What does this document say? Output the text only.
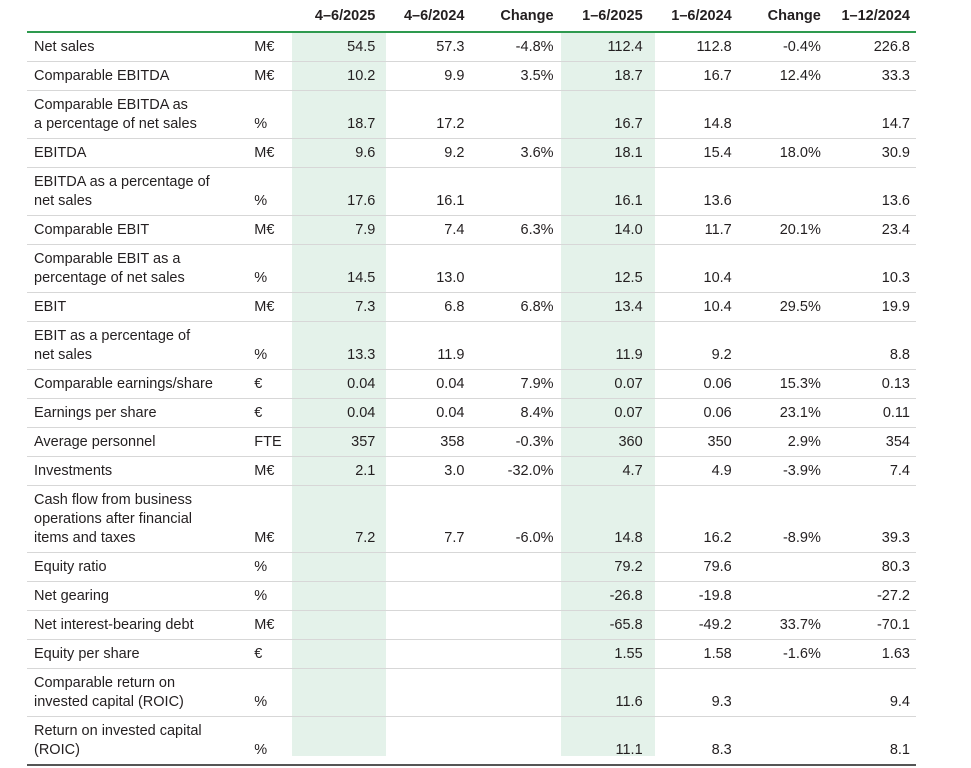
		4–6/2025	4–6/2024	Change	1–6/2025	1–6/2024	Change	1–12/2024
Net sales	M€	54.5	57.3	-4.8%	112.4	112.8	-0.4%	226.8
Comparable EBITDA	M€	10.2	9.9	3.5%	18.7	16.7	12.4%	33.3
Comparable EBITDA as
a percentage of net sales	%	18.7	17.2		16.7	14.8		14.7
EBITDA	M€	9.6	9.2	3.6%	18.1	15.4	18.0%	30.9
EBITDA as a percentage of
net sales	%	17.6	16.1		16.1	13.6		13.6
Comparable EBIT	M€	7.9	7.4	6.3%	14.0	11.7	20.1%	23.4
Comparable EBIT as a
percentage of net sales	%	14.5	13.0		12.5	10.4		10.3
EBIT	M€	7.3	6.8	6.8%	13.4	10.4	29.5%	19.9
EBIT as a percentage of
net sales	%	13.3	11.9		11.9	9.2		8.8
Comparable earnings/share	€	0.04	0.04	7.9%	0.07	0.06	15.3%	0.13
Earnings per share	€	0.04	0.04	8.4%	0.07	0.06	23.1%	0.11
Average personnel	FTE	357	358	-0.3%	360	350	2.9%	354
Investments	M€	2.1	3.0	-32.0%	4.7	4.9	-3.9%	7.4
Cash flow from business
operations after financial
items and taxes	M€	7.2	7.7	-6.0%	14.8	16.2	-8.9%	39.3
Equity ratio	%				79.2	79.6		80.3
Net gearing	%				-26.8	-19.8		-27.2
Net interest-bearing debt	M€				-65.8	-49.2	33.7%	-70.1
Equity per share	€				1.55	1.58	-1.6%	1.63
Comparable return on
invested capital (ROIC)	%				11.6	9.3		9.4
Return on invested capital
(ROIC)	%				11.1	8.3		8.1
